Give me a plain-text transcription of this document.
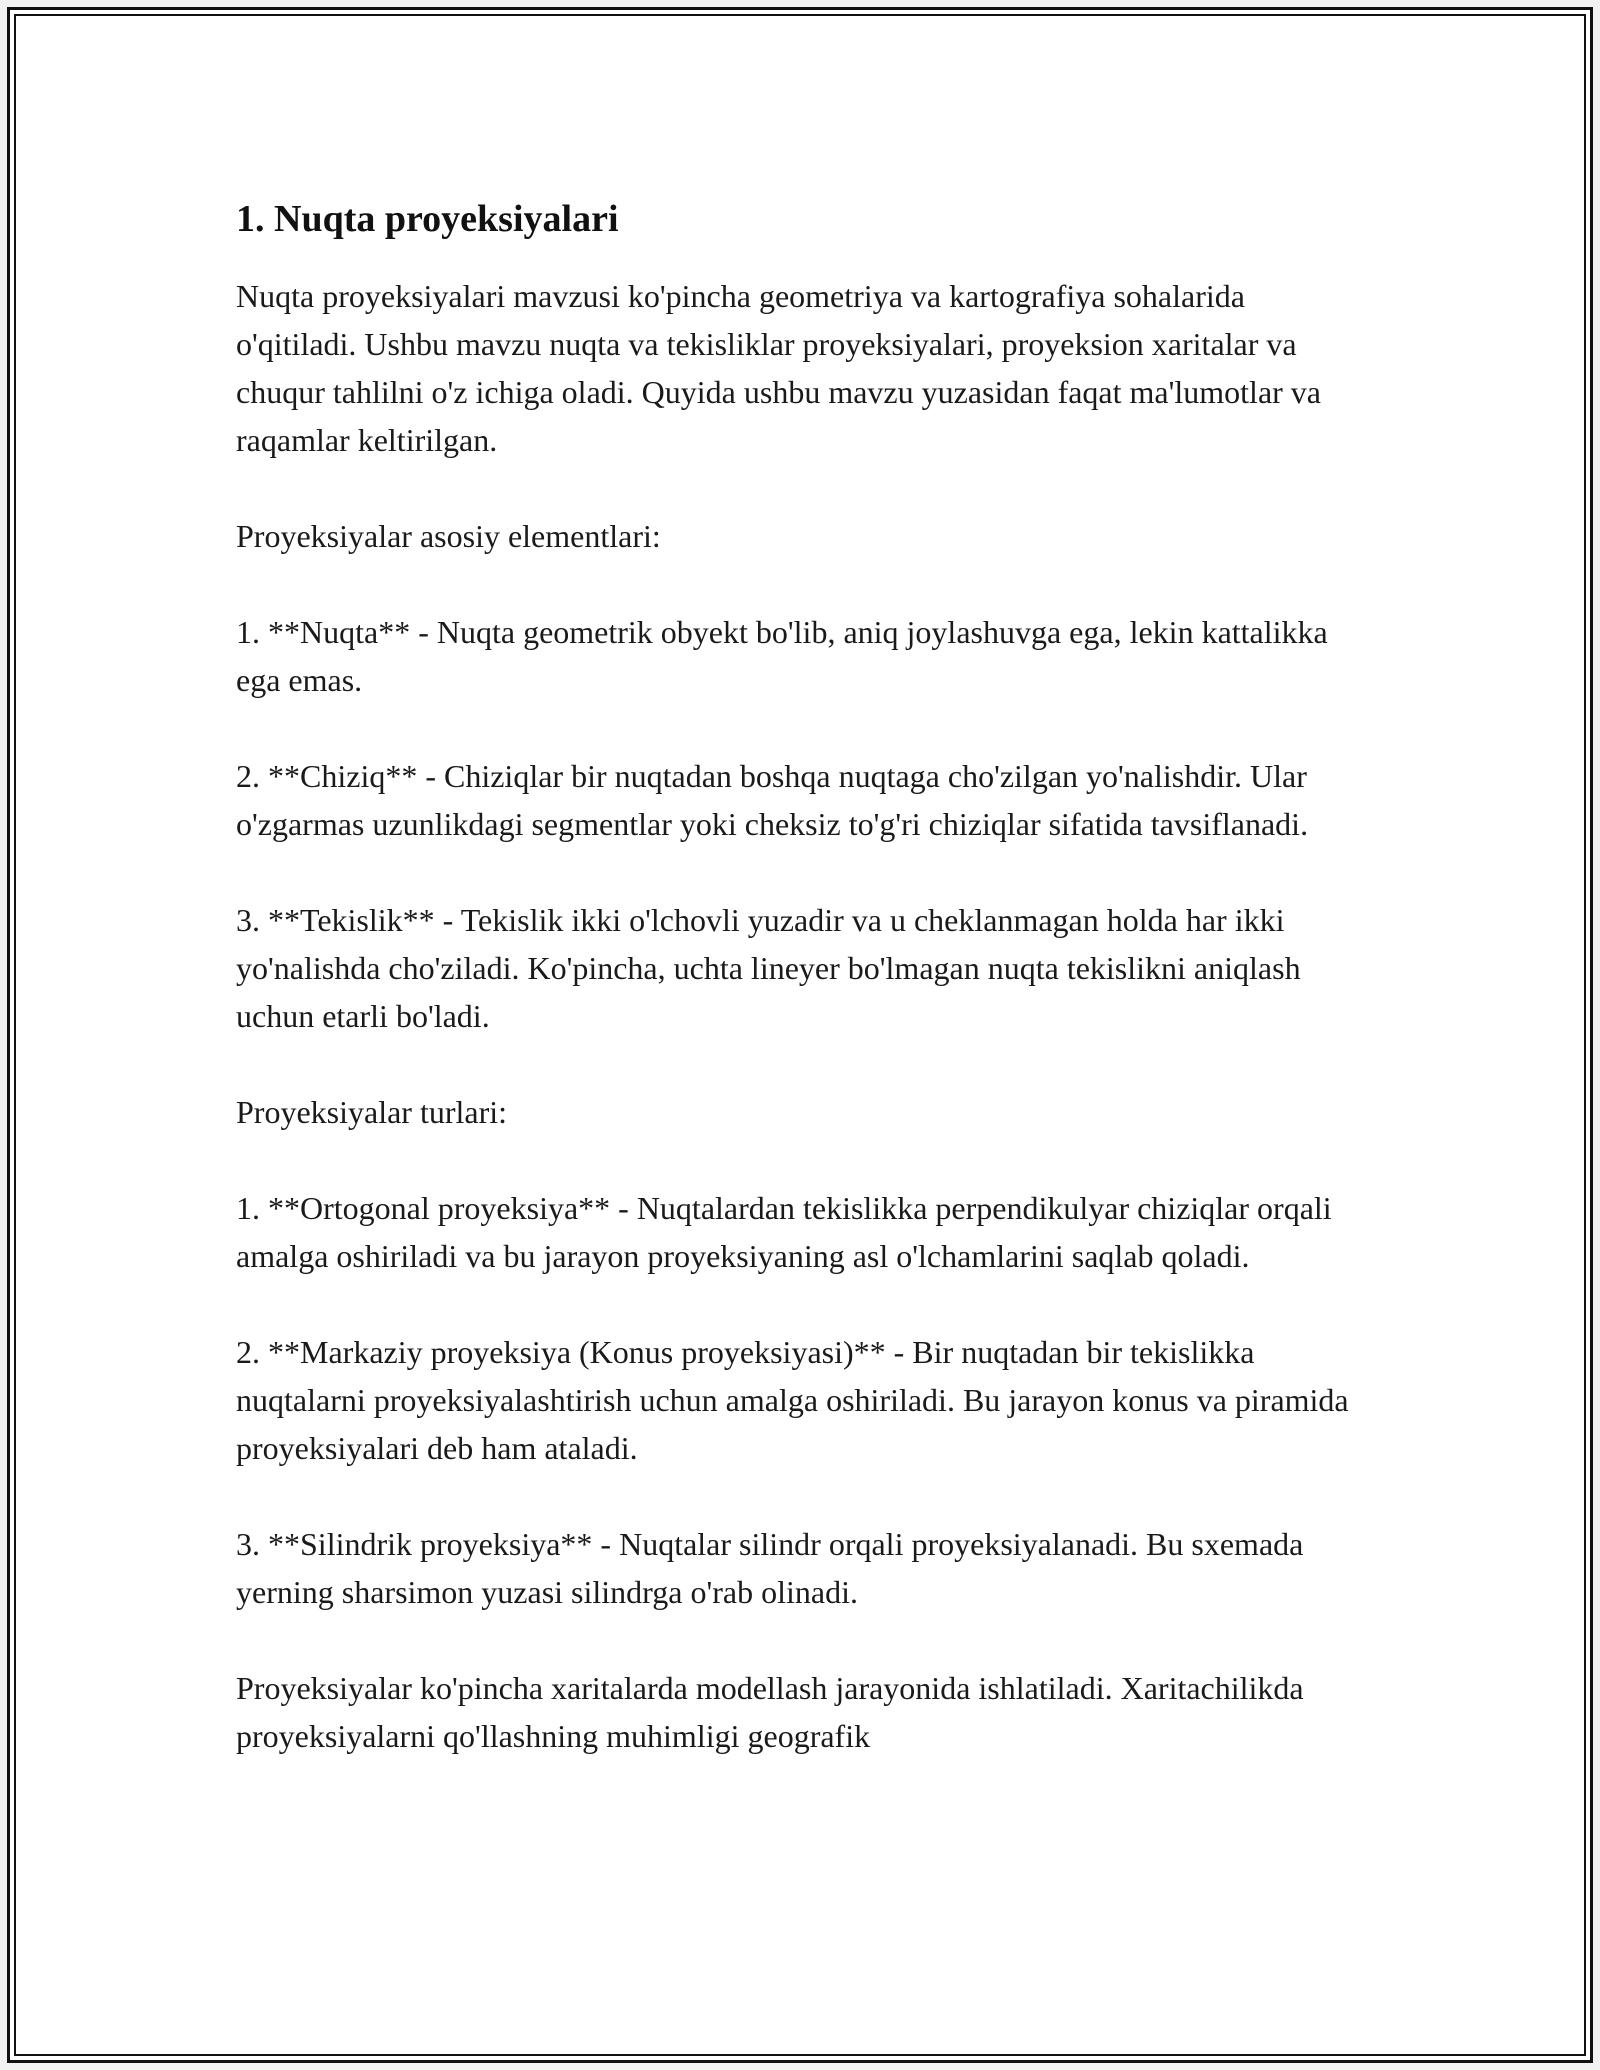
1. Nuqta proyeksiyalari

Nuqta proyeksiyalari mavzusi ko'pincha geometriya va kartografiya sohalarida o'qitiladi. Ushbu mavzu nuqta va tekisliklar proyeksiyalari, proyeksion xaritalar va chuqur tahlilni o'z ichiga oladi. Quyida ushbu mavzu yuzasidan faqat ma'lumotlar va raqamlar keltirilgan.

Proyeksiyalar asosiy elementlari:

1. **Nuqta** - Nuqta geometrik obyekt bo'lib, aniq joylashuvga ega, lekin kattalikka ega emas.

2. **Chiziq** - Chiziqlar bir nuqtadan boshqa nuqtaga cho'zilgan yo'nalishdir. Ular o'zgarmas uzunlikdagi segmentlar yoki cheksiz to'g'ri chiziqlar sifatida tavsiflanadi.

3. **Tekislik** - Tekislik ikki o'lchovli yuzadir va u cheklanmagan holda har ikki yo'nalishda cho'ziladi. Ko'pincha, uchta lineyer bo'lmagan nuqta tekislikni aniqlash uchun etarli bo'ladi.

Proyeksiyalar turlari:

1. **Ortogonal proyeksiya** - Nuqtalardan tekislikka perpendikulyar chiziqlar orqali amalga oshiriladi va bu jarayon proyeksiyaning asl o'lchamlarini saqlab qoladi.

2. **Markaziy proyeksiya (Konus proyeksiyasi)** - Bir nuqtadan bir tekislikka nuqtalarni proyeksiyalashtirish uchun amalga oshiriladi. Bu jarayon konus va piramida proyeksiyalari deb ham ataladi.

3. **Silindrik proyeksiya** - Nuqtalar silindr orqali proyeksiyalanadi. Bu sxemada yerning sharsimon yuzasi silindrga o'rab olinadi.

Proyeksiyalar ko'pincha xaritalarda modellash jarayonida ishlatiladi. Xaritachilikda proyeksiyalarni qo'llashning muhimligi geografik
